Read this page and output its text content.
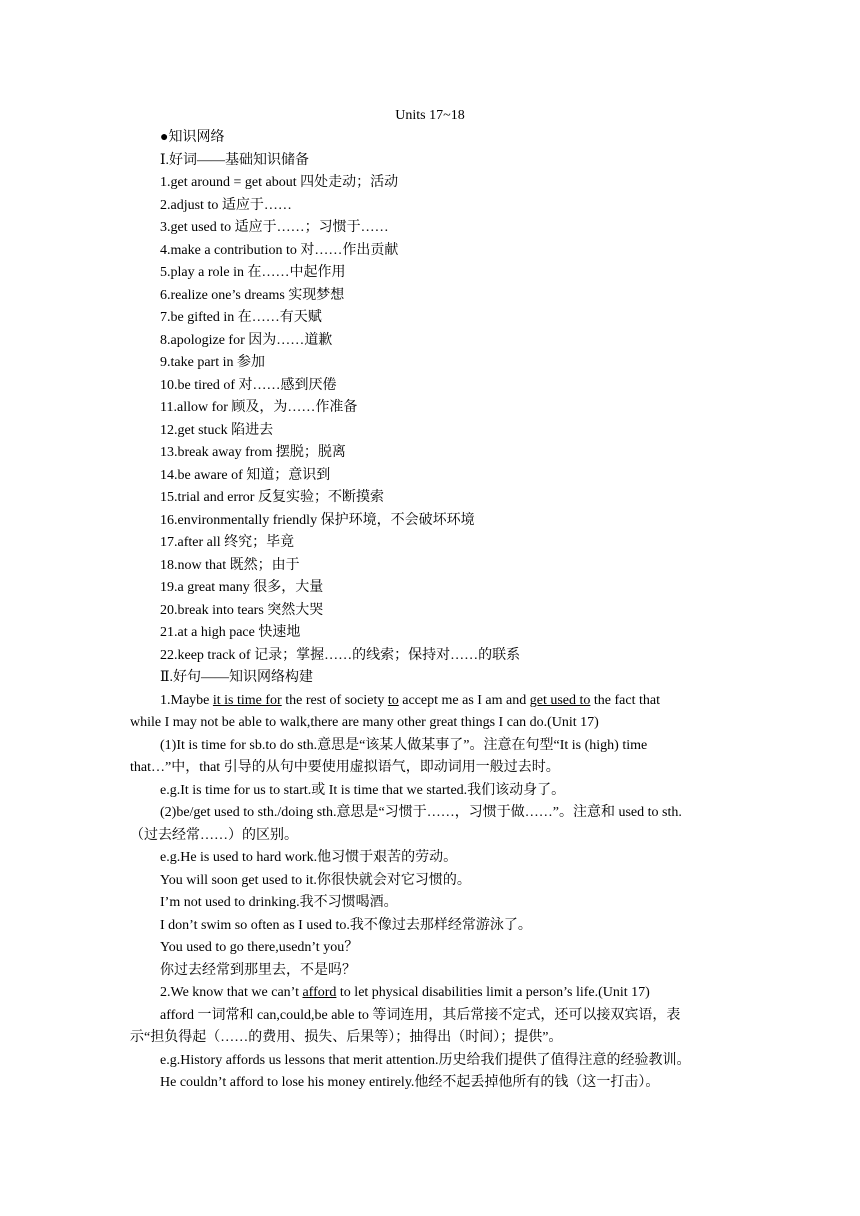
Units 17~18
●知识网络
Ⅰ.好词——基础知识储备
1.get around = get about 四处走动；活动
2.adjust to 适应于……
3.get used to 适应于……；习惯于……
4.make a contribution to 对……作出贡献
5.play a role in 在……中起作用
6.realize one’s dreams 实现梦想
7.be gifted in 在……有天赋
8.apologize for 因为……道歉
9.take part in 参加
10.be tired of 对……感到厌倦
11.allow for 顾及，为……作准备
12.get stuck 陷进去
13.break away from 摆脱；脱离
14.be aware of 知道；意识到
15.trial and error 反复实验；不断摸索
16.environmentally friendly 保护环境，不会破坏环境
17.after all 终究；毕竟
18.now that 既然；由于
19.a great many 很多，大量
20.break into tears 突然大哭
21.at a high pace 快速地
22.keep track of 记录；掌握……的线索；保持对……的联系
Ⅱ.好句——知识网络构建
1.Maybe it is time for the rest of society to accept me as I am and get used to the fact that
while I may not be able to walk,there are many other great things I can do.(Unit 17)
(1)It is time for sb.to do sth.意思是“该某人做某事了”。注意在句型“It is (high) time
that…”中，that 引导的从句中要使用虚拟语气，即动词用一般过去时。
e.g.It is time for us to start.或 It is time that we started.我们该动身了。
(2)be/get used to sth./doing sth.意思是“习惯于……，习惯于做……”。注意和 used to sth.
（过去经常……）的区别。
e.g.He is used to hard work.他习惯于艰苦的劳动。
You will soon get used to it.你很快就会对它习惯的。
I’m not used to drinking.我不习惯喝酒。
I don’t swim so often as I used to.我不像过去那样经常游泳了。
You used to go there,usedn’t you？
你过去经常到那里去，不是吗？
2.We know that we can’t afford to let physical disabilities limit a person’s life.(Unit 17)
afford 一词常和 can,could,be able to 等词连用，其后常接不定式，还可以接双宾语，表
示“担负得起（……的费用、损失、后果等）；抽得出（时间）；提供”。
e.g.History affords us lessons that merit attention.历史给我们提供了值得注意的经验教训。
He couldn’t afford to lose his money entirely.他经不起丢掉他所有的钱（这一打击）。
